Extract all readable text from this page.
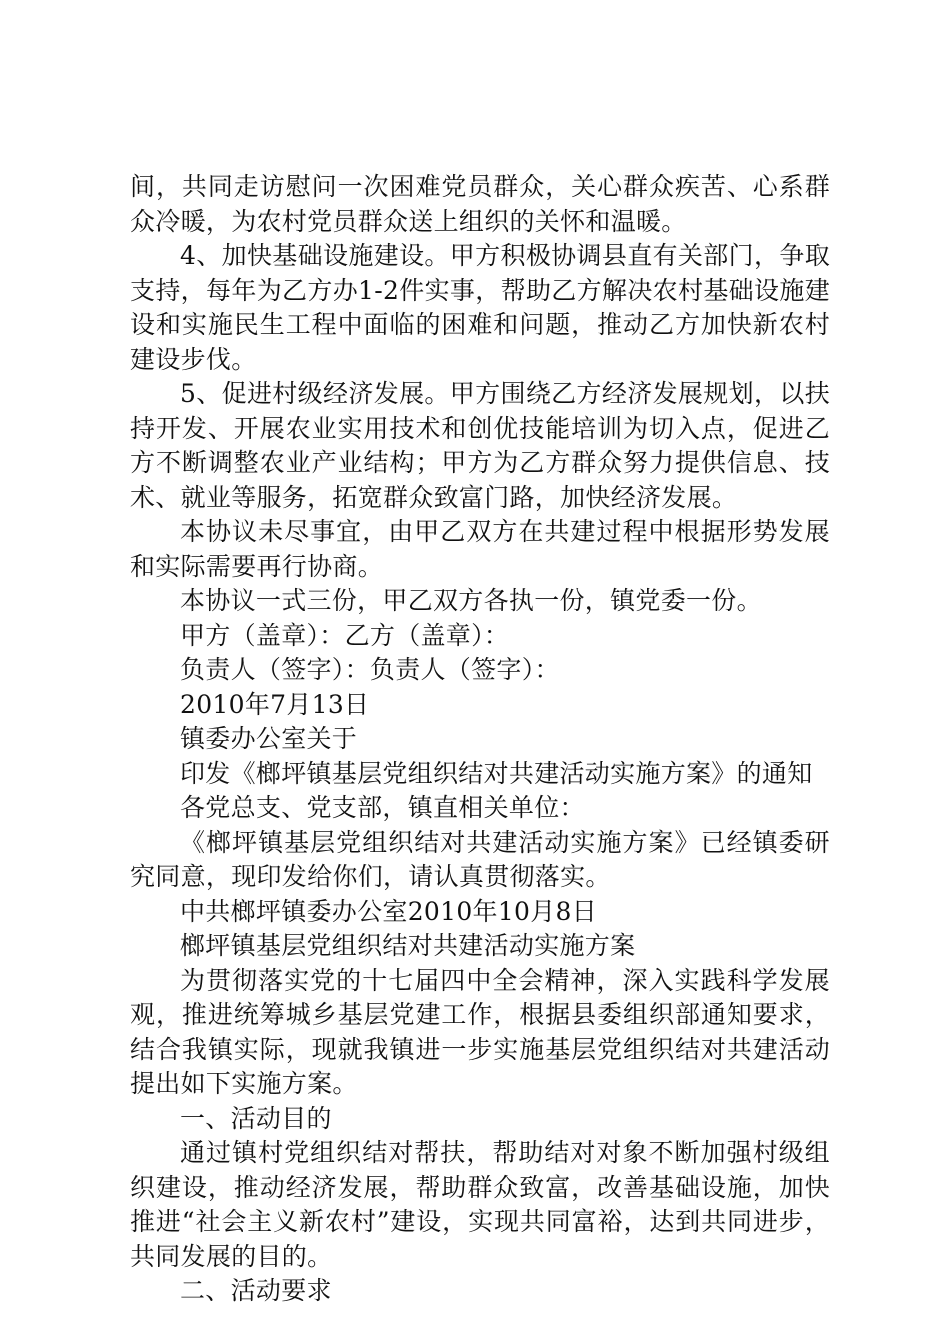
间，共同走访慰问一次困难党员群众，关心群众疾苦、心系群众冷暖，为农村党员群众送上组织的关怀和温暖。

4、加快基础设施建设。甲方积极协调县直有关部门，争取支持，每年为乙方办1-2件实事，帮助乙方解决农村基础设施建设和实施民生工程中面临的困难和问题，推动乙方加快新农村建设步伐。

5、促进村级经济发展。甲方围绕乙方经济发展规划，以扶持开发、开展农业实用技术和创优技能培训为切入点，促进乙方不断调整农业产业结构；甲方为乙方群众努力提供信息、技术、就业等服务，拓宽群众致富门路，加快经济发展。

本协议未尽事宜，由甲乙双方在共建过程中根据形势发展和实际需要再行协商。

本协议一式三份，甲乙双方各执一份，镇党委一份。

甲方（盖章）：乙方（盖章）：

负责人（签字）：负责人（签字）：

2010年7月13日

镇委办公室关于

印发《榔坪镇基层党组织结对共建活动实施方案》的通知

各党总支、党支部，镇直相关单位：

《榔坪镇基层党组织结对共建活动实施方案》已经镇委研究同意，现印发给你们，请认真贯彻落实。

中共榔坪镇委办公室2010年10月8日

榔坪镇基层党组织结对共建活动实施方案

为贯彻落实党的十七届四中全会精神，深入实践科学发展观，推进统筹城乡基层党建工作，根据县委组织部通知要求，结合我镇实际，现就我镇进一步实施基层党组织结对共建活动提出如下实施方案。

一、活动目的

通过镇村党组织结对帮扶，帮助结对对象不断加强村级组织建设，推动经济发展，帮助群众致富，改善基础设施，加快推进“社会主义新农村”建设，实现共同富裕，达到共同进步，共同发展的目的。

二、活动要求
